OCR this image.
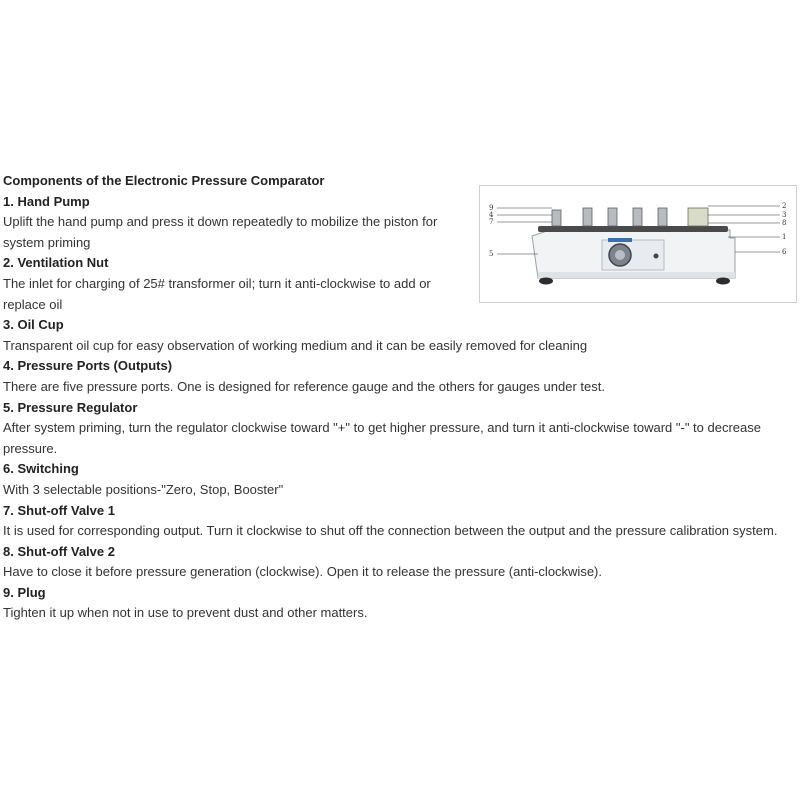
Components of the Electronic Pressure Comparator

1. Hand Pump

Uplift the hand pump and press it down repeatedly to mobilize the piston for system priming

2. Ventilation Nut

The inlet for charging of 25# transformer oil; turn it anti-clockwise to add or replace oil

3. Oil Cup

Transparent oil cup for easy observation of working medium and it can be easily removed for cleaning

4. Pressure Ports (Outputs)

There are five pressure ports. One is designed for reference gauge and the others for gauges under test.

5. Pressure Regulator

After system priming, turn the regulator clockwise toward "+" to get higher pressure, and turn it anti-clockwise toward "-" to decrease pressure.

6. Switching

With 3 selectable positions-"Zero, Stop, Booster"

7. Shut-off Valve 1

It is used for corresponding output. Turn it clockwise to shut off the connection between the output and the pressure calibration system.

8. Shut-off Valve 2

Have to close it before pressure generation (clockwise). Open it to release the pressure (anti-clockwise).

9. Plug

Tighten it up when not in use to prevent dust and other matters.

9
4
7
5
2
3
8
1
6
